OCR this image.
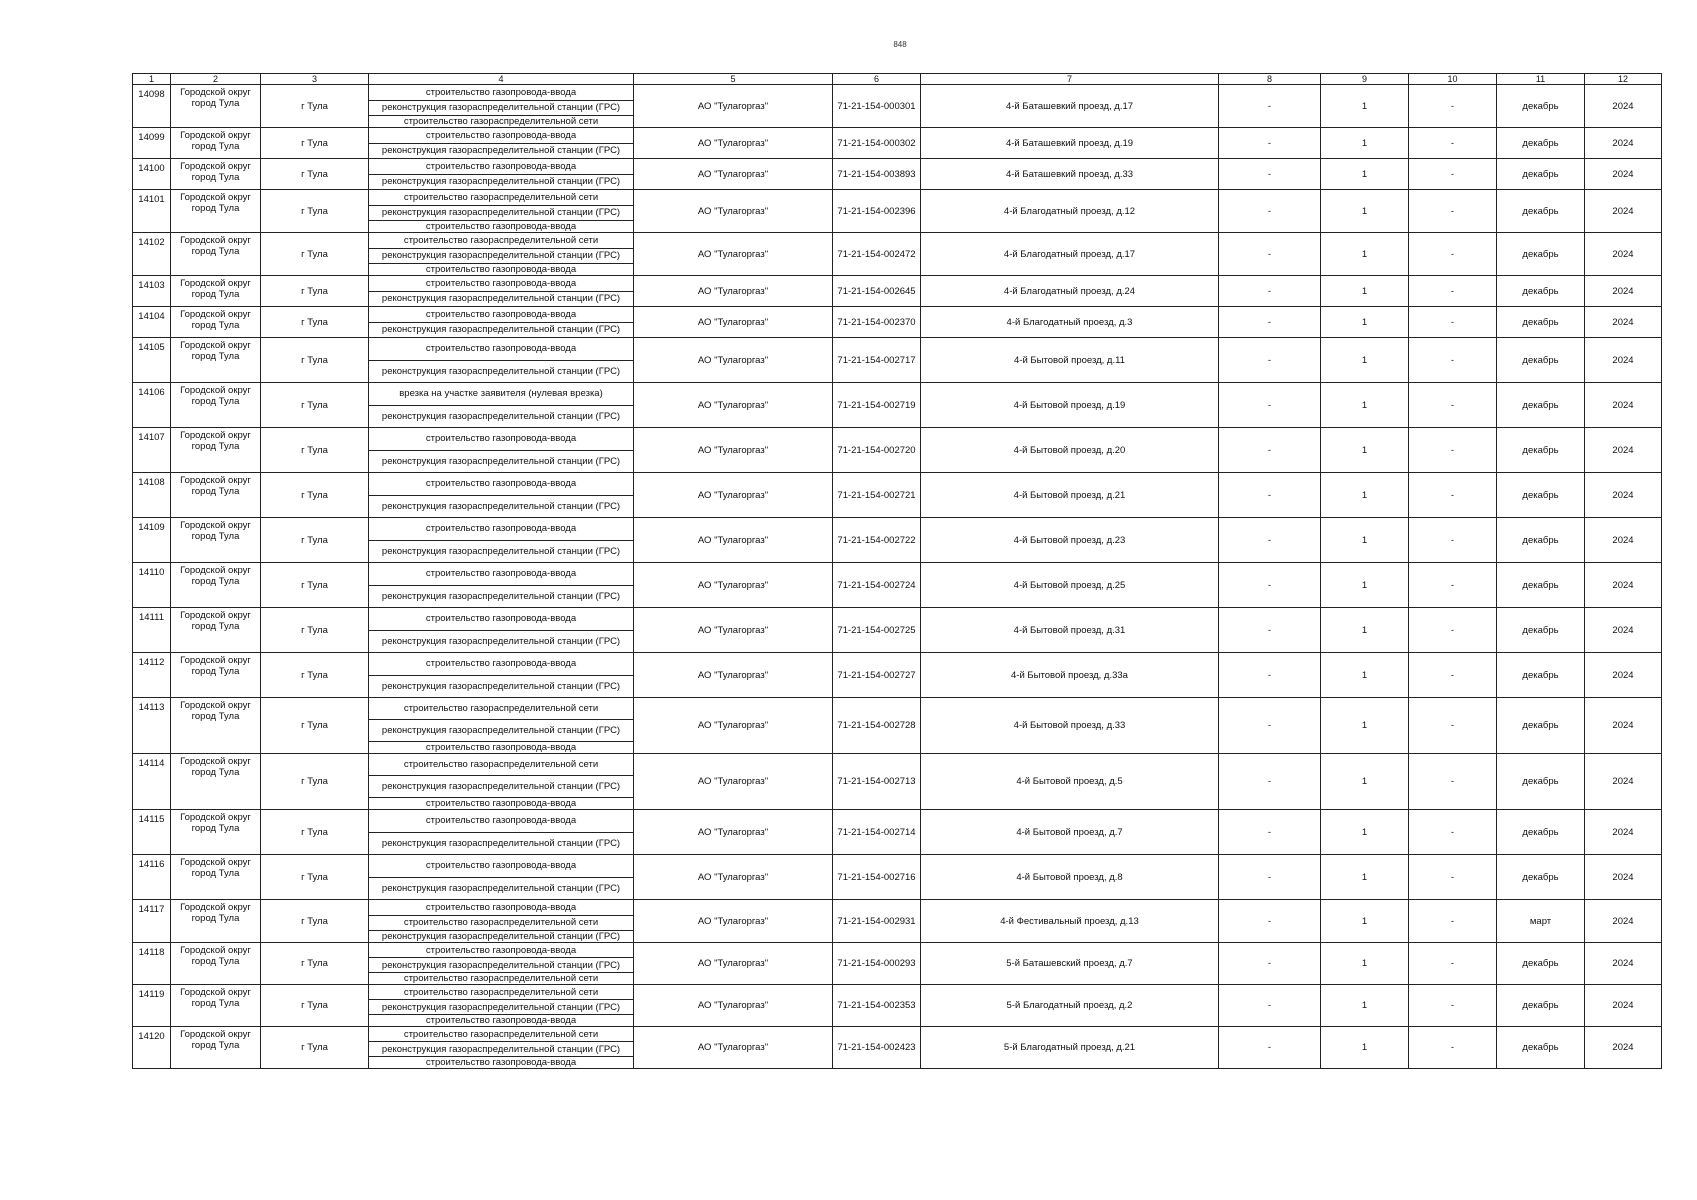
848
1	2	3	4	5	6	7	8	9	10	11	12
14098	Городской округ город Тула	г Тула	строительство газопровода-ввода
реконструкция газораспределительной станции (ГРС)
строительство газораспределительной сети	АО "Тулагоргаз"	71-21-154-000301	4-й Баташевкий проезд, д.17	-	1	-	декабрь	2024
14099	Городской округ город Тула	г Тула	строительство газопровода-ввода
реконструкция газораспределительной станции (ГРС)	АО "Тулагоргаз"	71-21-154-000302	4-й Баташевкий проезд, д.19	-	1	-	декабрь	2024
14100	Городской округ город Тула	г Тула	строительство газопровода-ввода
реконструкция газораспределительной станции (ГРС)	АО "Тулагоргаз"	71-21-154-003893	4-й Баташевкий проезд, д.33	-	1	-	декабрь	2024
14101	Городской округ город Тула	г Тула	строительство газораспределительной сети
реконструкция газораспределительной станции (ГРС)
строительство газопровода-ввода	АО "Тулагоргаз"	71-21-154-002396	4-й Благодатный проезд, д.12	-	1	-	декабрь	2024
14102	Городской округ город Тула	г Тула	строительство газораспределительной сети
реконструкция газораспределительной станции (ГРС)
строительство газопровода-ввода	АО "Тулагоргаз"	71-21-154-002472	4-й Благодатный проезд, д.17	-	1	-	декабрь	2024
14103	Городской округ город Тула	г Тула	строительство газопровода-ввода
реконструкция газораспределительной станции (ГРС)	АО "Тулагоргаз"	71-21-154-002645	4-й Благодатный проезд, д.24	-	1	-	декабрь	2024
14104	Городской округ город Тула	г Тула	строительство газопровода-ввода
реконструкция газораспределительной станции (ГРС)	АО "Тулагоргаз"	71-21-154-002370	4-й Благодатный проезд, д.3	-	1	-	декабрь	2024
14105	Городской округ город Тула	г Тула	строительство газопровода-ввода
реконструкция газораспределительной станции (ГРС)	АО "Тулагоргаз"	71-21-154-002717	4-й Бытовой проезд, д.11	-	1	-	декабрь	2024
14106	Городской округ город Тула	г Тула	врезка на участке заявителя (нулевая врезка)
реконструкция газораспределительной станции (ГРС)	АО "Тулагоргаз"	71-21-154-002719	4-й Бытовой проезд, д.19	-	1	-	декабрь	2024
14107	Городской округ город Тула	г Тула	строительство газопровода-ввода
реконструкция газораспределительной станции (ГРС)	АО "Тулагоргаз"	71-21-154-002720	4-й Бытовой проезд, д.20	-	1	-	декабрь	2024
14108	Городской округ город Тула	г Тула	строительство газопровода-ввода
реконструкция газораспределительной станции (ГРС)	АО "Тулагоргаз"	71-21-154-002721	4-й Бытовой проезд, д.21	-	1	-	декабрь	2024
14109	Городской округ город Тула	г Тула	строительство газопровода-ввода
реконструкция газораспределительной станции (ГРС)	АО "Тулагоргаз"	71-21-154-002722	4-й Бытовой проезд, д.23	-	1	-	декабрь	2024
14110	Городской округ город Тула	г Тула	строительство газопровода-ввода
реконструкция газораспределительной станции (ГРС)	АО "Тулагоргаз"	71-21-154-002724	4-й Бытовой проезд, д.25	-	1	-	декабрь	2024
14111	Городской округ город Тула	г Тула	строительство газопровода-ввода
реконструкция газораспределительной станции (ГРС)	АО "Тулагоргаз"	71-21-154-002725	4-й Бытовой проезд, д.31	-	1	-	декабрь	2024
14112	Городской округ город Тула	г Тула	строительство газопровода-ввода
реконструкция газораспределительной станции (ГРС)	АО "Тулагоргаз"	71-21-154-002727	4-й Бытовой проезд, д.33а	-	1	-	декабрь	2024
14113	Городской округ город Тула	г Тула	строительство газораспределительной сети
реконструкция газораспределительной станции (ГРС)
строительство газопровода-ввода	АО "Тулагоргаз"	71-21-154-002728	4-й Бытовой проезд, д.33	-	1	-	декабрь	2024
14114	Городской округ город Тула	г Тула	строительство газораспределительной сети
реконструкция газораспределительной станции (ГРС)
строительство газопровода-ввода	АО "Тулагоргаз"	71-21-154-002713	4-й Бытовой проезд, д.5	-	1	-	декабрь	2024
14115	Городской округ город Тула	г Тула	строительство газопровода-ввода
реконструкция газораспределительной станции (ГРС)	АО "Тулагоргаз"	71-21-154-002714	4-й Бытовой проезд, д.7	-	1	-	декабрь	2024
14116	Городской округ город Тула	г Тула	строительство газопровода-ввода
реконструкция газораспределительной станции (ГРС)	АО "Тулагоргаз"	71-21-154-002716	4-й Бытовой проезд, д.8	-	1	-	декабрь	2024
14117	Городской округ город Тула	г Тула	строительство газопровода-ввода
строительство газораспределительной сети
реконструкция газораспределительной станции (ГРС)	АО "Тулагоргаз"	71-21-154-002931	4-й Фестивальный проезд, д.13	-	1	-	март	2024
14118	Городской округ город Тула	г Тула	строительство газопровода-ввода
реконструкция газораспределительной станции (ГРС)
строительство газораспределительной сети	АО "Тулагоргаз"	71-21-154-000293	5-й Баташевский проезд, д.7	-	1	-	декабрь	2024
14119	Городской округ город Тула	г Тула	строительство газораспределительной сети
реконструкция газораспределительной станции (ГРС)
строительство газопровода-ввода	АО "Тулагоргаз"	71-21-154-002353	5-й Благодатный проезд, д.2	-	1	-	декабрь	2024
14120	Городской округ город Тула	г Тула	строительство газораспределительной сети
реконструкция газораспределительной станции (ГРС)
строительство газопровода-ввода	АО "Тулагоргаз"	71-21-154-002423	5-й Благодатный проезд, д.21	-	1	-	декабрь	2024
